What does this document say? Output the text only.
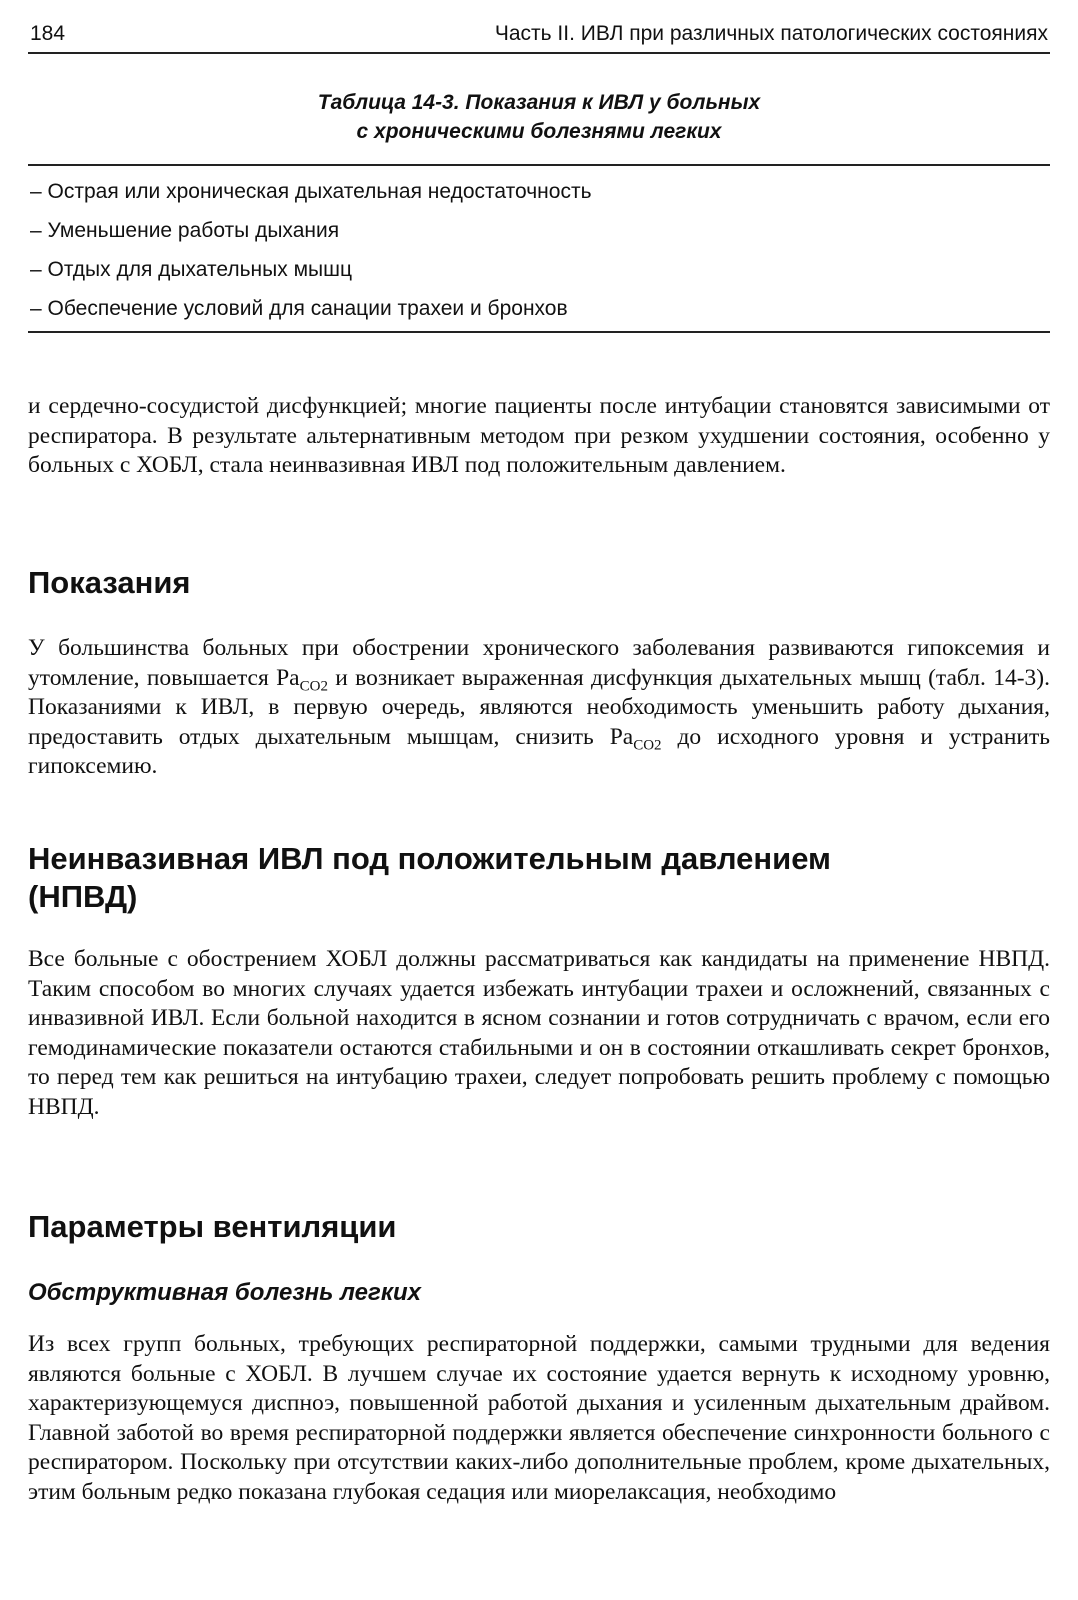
184	Часть II. ИВЛ при различных патологических состояниях
Таблица 14-3. Показания к ИВЛ у больных
с хроническими болезнями легких
– Острая или хроническая дыхательная недостаточность
– Уменьшение работы дыхания
– Отдых для дыхательных мышц
– Обеспечение условий для санации трахеи и бронхов

и сердечно-сосудистой дисфункцией; многие пациенты после интубации становятся зависимыми от респиратора. В результате альтернативным методом при резком ухудшении состояния, особенно у больных с ХОБЛ, стала неинвазивная ИВЛ под положительным давлением.

Показания

У большинства больных при обострении хронического заболевания развиваются гипоксемия и утомление, повышается $Pa_{CO2}$ и возникает выраженная дисфункция дыхательных мышц (табл. 14-3). Показаниями к ИВЛ, в первую очередь, являются необходимость уменьшить работу дыхания, предоставить отдых дыхательным мышцам, снизить $Pa_{CO2}$ до исходного уровня и устранить гипоксемию.

Неинвазивная ИВЛ под положительным давлением
(НПВД)

Все больные с обострением ХОБЛ должны рассматриваться как кандидаты на применение НВПД. Таким способом во многих случаях удается избежать интубации трахеи и осложнений, связанных с инвазивной ИВЛ. Если больной находится в ясном сознании и готов сотрудничать с врачом, если его гемодинамические показатели остаются стабильными и он в состоянии откашливать секрет бронхов, то перед тем как решиться на интубацию трахеи, следует попробовать решить проблему с помощью НВПД.

Параметры вентиляции
Обструктивная болезнь легких

Из всех групп больных, требующих респираторной поддержки, самыми трудными для ведения являются больные с ХОБЛ. В лучшем случае их состояние удается вернуть к исходному уровню, характеризующемуся диспноэ, повышенной работой дыхания и усиленным дыхательным драйвом. Главной заботой во время респираторной поддержки является обеспечение синхронности больного с респиратором. Поскольку при отсутствии каких-либо дополнительные проблем, кроме дыхательных, этим больным редко показана глубокая седация или миорелаксация, необходимо
